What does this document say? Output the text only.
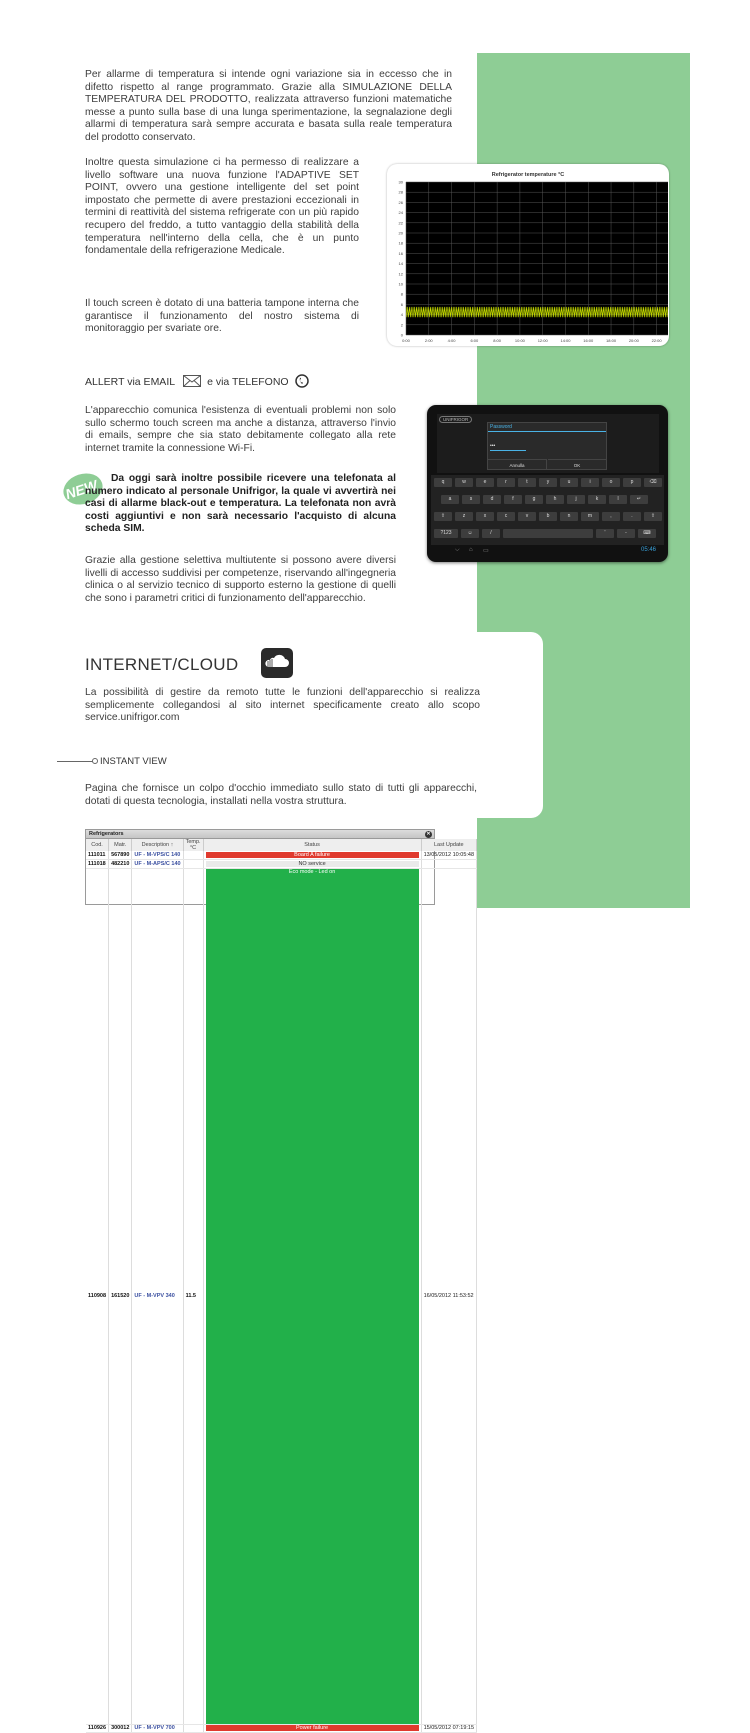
Per allarme di temperatura si intende ogni variazione sia in eccesso che in difetto rispetto al range programmato. Grazie alla SIMULAZIONE DELLA TEMPERATURA DEL PRODOTTO, realizzata attraverso funzioni matematiche messe a punto sulla base di una lunga sperimentazione, la segnalazione degli allarmi di temperatura sarà sempre accurata e basata sulla reale temperatura del prodotto conservato.

Inoltre questa simulazione ci ha permesso di realizzare a livello software una nuova funzione l'ADAPTIVE SET POINT, ovvero una gestione intelligente del set point impostato che permette di avere prestazioni eccezionali in termini di reattività del sistema refrigerate con un più rapido recupero del freddo, a tutto vantaggio della stabilità della temperatura nell'interno della cella, che è un punto fondamentale della refrigerazione Medicale.

Il touch screen è dotato di una batteria tampone interna che garantisce il funzionamento del nostro sistema di monitoraggio per svariate ore.

Refrigerator temperature °C
30
28
26
24
22
20
18
16
14
12
10
8
6
4
2
0
0:00	2:00	4:00	6:00	8:00	10:00	12:00	14:00	16:00	18:00	20:00	22:00
ALLERT via EMAIL	e via TELEFONO

L'apparecchio comunica l'esistenza di eventuali problemi non solo sullo schermo touch screen ma anche a distanza, attraverso l'invio di emails, sempre che sia stato debitamente collegato alla rete internet tramite la connessione Wi-Fi.

UNIFRIGOR
Password
•••
Annulla	OK
q	w	e	r	t	y	u	i	o	p	⌫
a	s	d	f	g	h	j	k	l	↵
⇧	z	x	c	v	b	n	m	,	.	⇧
?123	☺	/	'	-	⌨
⌵ ⌂ ▭	05:46
NEW	Da oggi sarà inoltre possibile ricevere una telefonata al numero indicato al personale Unifrigor, la quale vi avvertirà nei casi di allarme black-out e temperatura. La telefonata non avrà costi aggiuntivi e non sarà necessario l'acquisto di alcuna scheda SIM.

Grazie alla gestione selettiva multiutente si possono avere diversi livelli di accesso suddivisi per competenze, riservando all'ingegneria clinica o al servizio tecnico di supporto esterno la gestione di quelli che sono i parametri critici di funzionamento dell'apparecchio.

INTERNET/CLOUD

La possibilità di gestire da remoto tutte le funzioni dell'apparecchio si realizza semplicemente collegandosi al sito internet specificamente creato allo scopo service.unifrigor.com

INSTANT VIEW

Pagina che fornisce un colpo d'occhio immediato sullo stato di tutti gli apparecchi, dotati di questa tecnologia, installati nella vostra struttura.

Refrigerators	✕
Cod.	Matr.	Description ↑	Temp. °C	Status	Last Update
111011	567890	UF - M-VPS/C 140		Board A failure	13/05/2012 10:05:48
111018	482210	UF - M-APS/C 140		NO service	

110908	161520	UF - M-VPV 340	11.5	Eco mode - Led on	16/05/2012 11:53:52
110926	300012	UF - M-VPV 700		Power failure	15/05/2012 07:19:15
